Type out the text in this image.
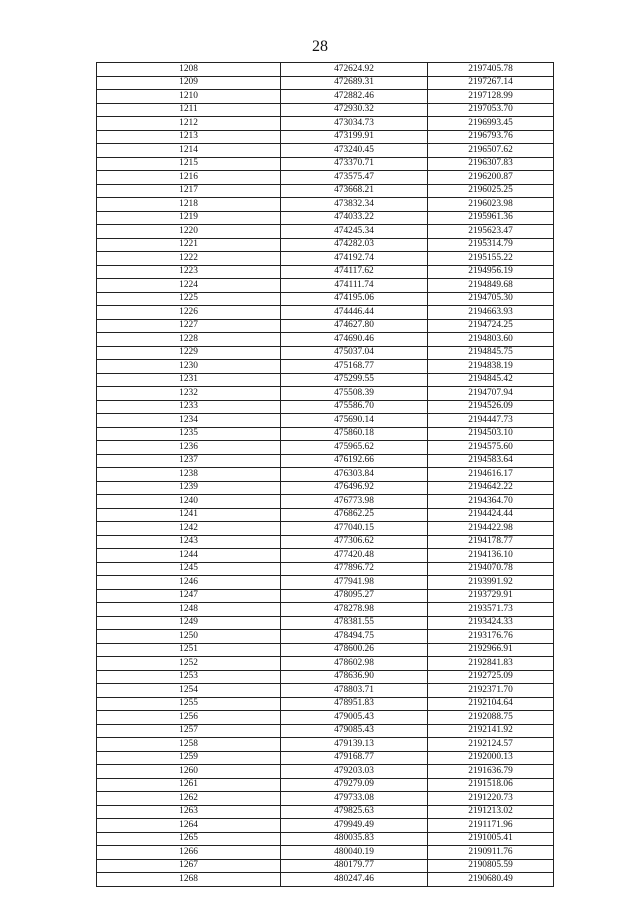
28
1208	472624.92	2197405.78
1209	472689.31	2197267.14
1210	472882.46	2197128.99
1211	472930.32	2197053.70
1212	473034.73	2196993.45
1213	473199.91	2196793.76
1214	473240.45	2196507.62
1215	473370.71	2196307.83
1216	473575.47	2196200.87
1217	473668.21	2196025.25
1218	473832.34	2196023.98
1219	474033.22	2195961.36
1220	474245.34	2195623.47
1221	474282.03	2195314.79
1222	474192.74	2195155.22
1223	474117.62	2194956.19
1224	474111.74	2194849.68
1225	474195.06	2194705.30
1226	474446.44	2194663.93
1227	474627.80	2194724.25
1228	474690.46	2194803.60
1229	475037.04	2194845.75
1230	475168.77	2194838.19
1231	475299.55	2194845.42
1232	475508.39	2194707.94
1233	475586.70	2194526.09
1234	475690.14	2194447.73
1235	475860.18	2194503.10
1236	475965.62	2194575.60
1237	476192.66	2194583.64
1238	476303.84	2194616.17
1239	476496.92	2194642.22
1240	476773.98	2194364.70
1241	476862.25	2194424.44
1242	477040.15	2194422.98
1243	477306.62	2194178.77
1244	477420.48	2194136.10
1245	477896.72	2194070.78
1246	477941.98	2193991.92
1247	478095.27	2193729.91
1248	478278.98	2193571.73
1249	478381.55	2193424.33
1250	478494.75	2193176.76
1251	478600.26	2192966.91
1252	478602.98	2192841.83
1253	478636.90	2192725.09
1254	478803.71	2192371.70
1255	478951.83	2192104.64
1256	479005.43	2192088.75
1257	479085.43	2192141.92
1258	479139.13	2192124.57
1259	479168.77	2192000.13
1260	479203.03	2191636.79
1261	479279.09	2191518.06
1262	479733.08	2191220.73
1263	479825.63	2191213.02
1264	479949.49	2191171.96
1265	480035.83	2191005.41
1266	480040.19	2190911.76
1267	480179.77	2190805.59
1268	480247.46	2190680.49
